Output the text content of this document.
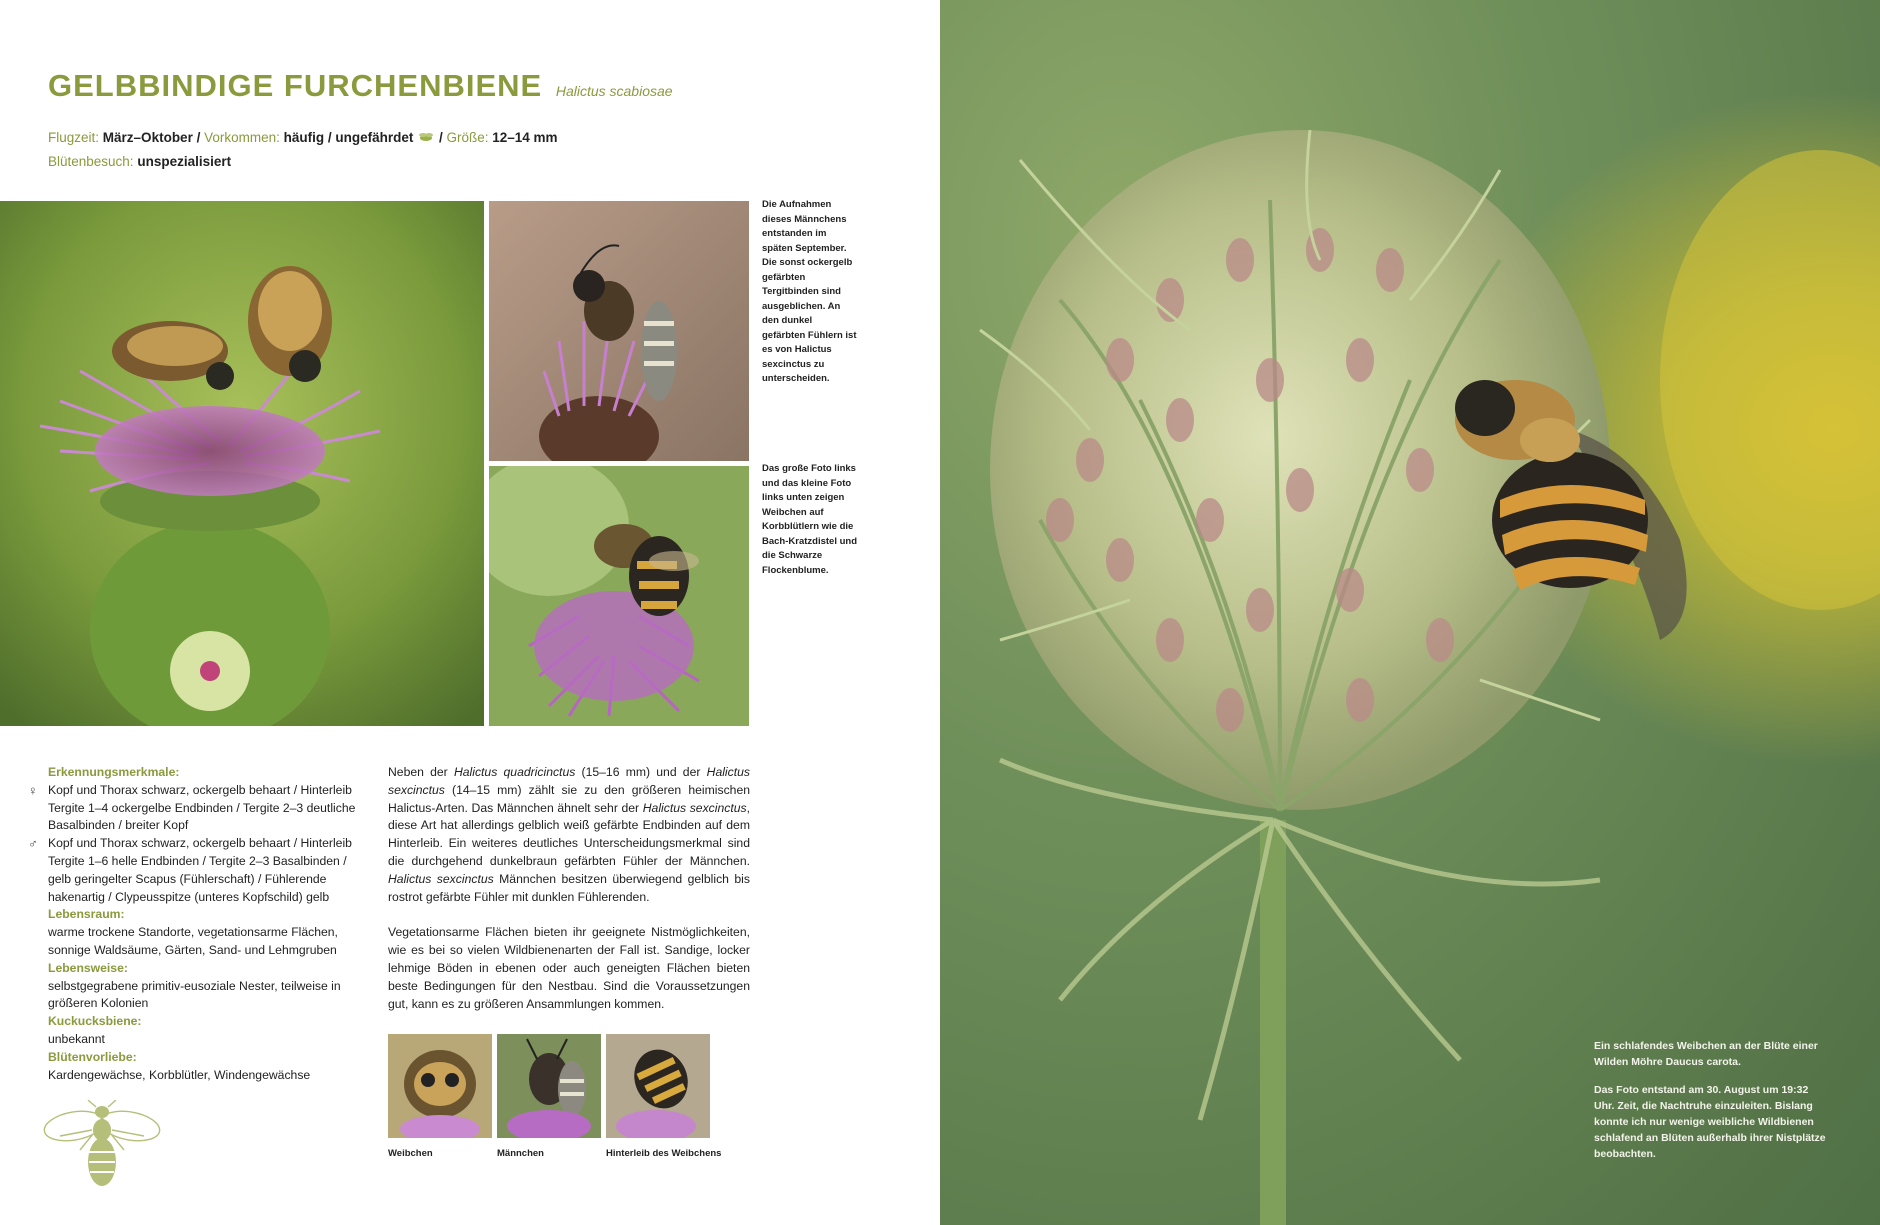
GELBBINDIGE FURCHENBIENE Halictus scabiosae
Flugzeit: März–Oktober / Vorkommen: häufig / ungefährdet / Größe: 12–14 mm
Blütenbesuch: unspezialisiert
Die Aufnahmen dieses Männchens entstanden im späten September. Die sonst ockergelb gefärbten Tergitbinden sind ausgeblichen. An den dunkel gefärbten Fühlern ist es von Halictus sexcinctus zu unterscheiden.
Das große Foto links und das kleine Foto links unten zeigen Weibchen auf Korbblütlern wie die Bach-Kratzdistel und die Schwarze Flockenblume.
Erkennungsmerkmale:
♀ Kopf und Thorax schwarz, ockergelb behaart / Hinterleib Tergite 1–4 ockergelbe Endbinden / Tergite 2–3 deutliche Basalbinden / breiter Kopf
♂ Kopf und Thorax schwarz, ockergelb behaart / Hinterleib Tergite 1–6 helle Endbinden / Tergite 2–3 Basalbinden / gelb geringelter Scapus (Fühlerschaft) / Fühlerende hakenartig / Clypeusspitze (unteres Kopfschild) gelb
Lebensraum:
warme trockene Standorte, vegetationsarme Flächen, sonnige Waldsäume, Gärten, Sand- und Lehmgruben
Lebensweise:
selbstgegrabene primitiv-eusoziale Nester, teilweise in größeren Kolonien
Kuckucksbiene:
unbekannt
Blütenvorliebe:
Kardengewächse, Korbblütler, Windengewächse

Neben der Halictus quadricinctus (15–16 mm) und der Halictus sexcinctus (14–15 mm) zählt sie zu den größeren heimischen Halictus-Arten. Das Männchen ähnelt sehr der Halictus sexcinctus, diese Art hat allerdings gelblich weiß gefärbte Endbinden auf dem Hinterleib. Ein weiteres deutliches Unterscheidungsmerkmal sind die durchgehend dunkelbraun gefärbten Fühler der Männchen. Halictus sexcinctus Männchen besitzen überwiegend gelblich bis rostrot gefärbte Fühler mit dunklen Fühlerenden.

Vegetationsarme Flächen bieten ihr geeignete Nistmöglichkeiten, wie es bei so vielen Wildbienenarten der Fall ist. Sandige, locker lehmige Böden in ebenen oder auch geneigten Flächen bieten beste Bedingungen für den Nestbau. Sind die Voraussetzungen gut, kann es zu größeren Ansammlungen kommen.

Weibchen	Männchen	Hinterleib des Weibchens

Ein schlafendes Weibchen an der Blüte einer Wilden Möhre Daucus carota.

Das Foto entstand am 30. August um 19:32 Uhr. Zeit, die Nachtruhe einzuleiten. Bislang konnte ich nur wenige weibliche Wildbienen schlafend an Blüten außerhalb ihrer Nistplätze beobachten.
